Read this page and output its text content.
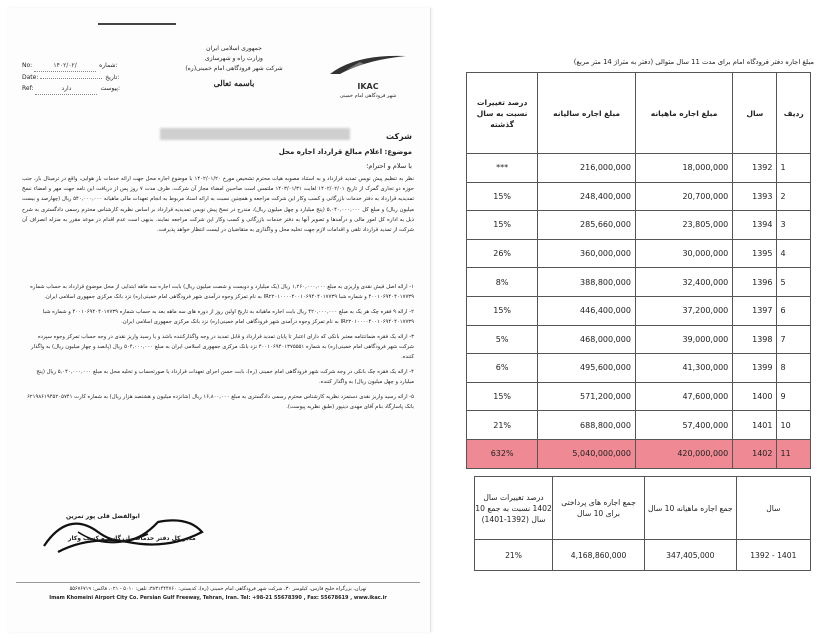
No:	۱۴۰۲/۰۲/	شماره:
Date:	تاریخ:
Ref:	دارد	پیوست:
جمهوری اسلامی ایران
وزارت راه و شهرسازی
شرکت شهر فرودگاهی امام خمینی(ره)
باسمه تعالی	IKAC
شهر فرودگاهی امام خمینی
شرکت
موضوع: اعلام مبالغ قرارداد اجاره محل
با سلام و احترام؛
نظر به تنظیم پیش نویس تمدید قرارداد و به استناد مصوبه هیات محترم تشخیص مورخ ۱۴۰۲/۰۱/۲۰ با موضوع اجاره محل جهت ارائه خدمات بار هوایی، واقع در ترمینال بار، جنب حوزه دو تجاری گمرک از تاریخ ۱۴۰۲/۰۲/۰۱ لغایت ۱۴۰۳/۰۱/۳۱ ملتمس است صاحبین امضاء مجاز آن شرکت، ظرف مدت ۷ روز پس از دریافت این نامه جهت مهر و امضاء نسخ تمدیدیه قرارداد به دفتر خدمات بازرگانی و کسب وکار این شرکت مراجعه و همچنین نسبت به ارائه اسناد مربوط به انجام تعهدات مالی ماهیانه ۵۴۰,۰۰۰,۰۰۰ ریال (چهارصد و بیست میلیون ریال) و مبلغ کل ۵,۰۴۰,۰۰۰,۰۰۰ (پنج میلیارد و چهل میلیون ریال)، مندرج در نسخ پیش نویس تمدیدیه قرارداد بر اساس نظریه کارشناس محترم رسمی دادگستری به شرح ذیل به اداره کل امور مالی و درآمدها و تصویر آنها به دفتر خدمات بازرگانی و کسب وکار این شرکت مراجعه نمایند. بدیهی است عدم اقدام در موعد مقرر به منزله انصراف آن شرکت از تمدید قرارداد تلقی و اقدامات لازم جهت تخلیه محل و واگذاری به متقاضیان در لیست انتظار خواهد پذیرفت.

۱- ارائه اصل فیش نقدی واریزی به مبلغ ۱,۲۶۰,۰۰۰,۰۰۰ ریال (یک میلیارد و دویست و شصت میلیون ریال) بابت اجاره سه ماهه ابتدایی از محل موضوع قرارداد به حساب شماره ۴۰۰۱۰۶۹۴۰۴۰۱۷۷۳۹ و شماره شبا IR۲۲۰۱۰۰۰۰۴۰۰۱۰۶۹۴۰۴۰۱۷۷۳۹ به نام تمرکز وجوه درآمدی شهر فرودگاهی امام خمینی(ره) نزد بانک مرکزی جمهوری اسلامی ایران.

۲- ارائه ۹ فقره چک هر یک به مبلغ ۴۲۰,۰۰۰,۰۰۰ ریال بابت اجاره ماهیانه به تاریخ اولین روز از دوره های سه ماهه بعد به حساب شماره ۴۰۰۱۰۶۹۴۰۴۰۱۷۷۳۹ و شماره شبا IR۲۲۰۱۰۰۰۰۴۰۰۱۰۶۹۴۰۴۰۱۷۷۳۹ به نام تمرکز وجوه درآمدی شهر فرودگاهی امام خمینی(ره) نزد بانک مرکزی جمهوری اسلامی ایران.

۳- ارائه یک فقره ضمانتنامه معتبر بانکی که دارای اعتبار تا پایان تمدید قرارداد و قابل تمدید در وجه واگذارکننده باشد و یا رسید واریز نقدی در وجه حساب تمرکز وجوه سپرده شرکت شهر فرودگاهی امام خمینی(ره) به شماره ۴۰۰۱۰۶۹۴۰۱۳۷۵۵۵۱ نزد بانک مرکزی جمهوری اسلامی ایران به مبلغ ۵۰۴,۰۰۰,۰۰۰ ریال (پانصد و چهار میلیون ریال) به واگذار کننده.

۴- ارائه یک فقره چک بانکی در وجه شرکت شهر فرودگاهی امام خمینی (ره)، بابت حسن اجرای تعهدات قرارداد یا صورتحساب و تخلیه محل به مبلغ ۵,۰۴۰,۰۰۰,۰۰۰ ریال (پنج میلیارد و چهل میلیون ریال) به واگذار کننده.

۵- ارائه رسید واریز نقدی دستمزد نظریه کارشناس محترم رسمی دادگستری به مبلغ ۱۶,۸۰۰,۰۰۰ ریال (شانزده میلیون و هشتصد هزار ریال) به شماره کارت ۶۲۱۹۸۶۱۹۴۵۲۰۵۷۴۱ بانک پاسارگاد بنام آقای مهدی دینپور (طبق نظریه پیوست).

ابوالفضل قلی پور تمرین
مدیر کل دفتر خدمات بازرگانی و کسب وکار
تهران، بزرگراه خلیج فارس، کیلومتر ۳۰، شرکت شهر فرودگاهی امام خمینی (ره)، کدپستی: ۳۸۳۱۴۴۴۷۶۰، تلفن: ۵۰۱۰ - ۰۲۱، فاکس: ۵۵۶۷۶۷۱۹
Imam Khomeini Airport City Co. Persian Gulf Freeway, Tehran, Iran. Tel: +98-21 55678390 , Fax: 55678619 , www.ikac.ir
مبلغ اجاره دفتر فرودگاه امام برای مدت 11 سال متوالی (دفتر به متراژ 14 متر مربع)
درصد تغییرات نسبت به سال گذشته	مبلغ اجاره سالیانه	مبلغ اجاره ماهیانه	سال	ردیف
***	216,000,000	18,000,000	1392	1
15%	248,400,000	20,700,000	1393	2
15%	285,660,000	23,805,000	1394	3
26%	360,000,000	30,000,000	1395	4
8%	388,800,000	32,400,000	1396	5
15%	446,400,000	37,200,000	1397	6
5%	468,000,000	39,000,000	1398	7
6%	495,600,000	41,300,000	1399	8
15%	571,200,000	47,600,000	1400	9
21%	688,800,000	57,400,000	1401	10
632%	5,040,000,000	420,000,000	1402	11
درصد تغییرات سال 1402 نسبت به جمع 10 سال (1392-1401)	جمع اجاره های پرداختی برای 10 سال	جمع اجاره ماهیانه 10 سال	سال
21%	4,168,860,000	347,405,000	1392 - 1401
